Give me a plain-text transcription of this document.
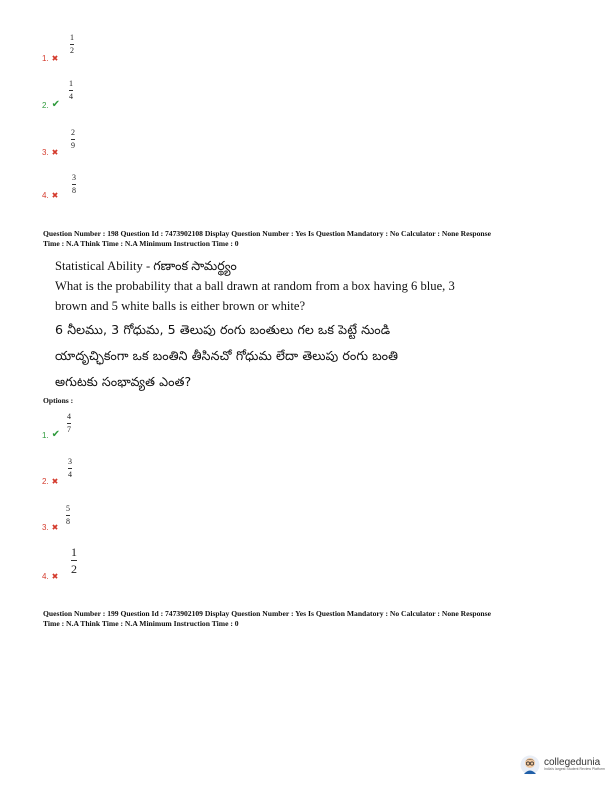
1. ✖
1
2
2. ✔
1
4
3. ✖
2
9
4. ✖
3
8
Question Number : 198 Question Id : 7473902108 Display Question Number : Yes Is Question Mandatory : No Calculator : None Response
Time : N.A Think Time : N.A Minimum Instruction Time : 0
Statistical Ability - గణాంక సామర్థ్యం
What is the probability that a ball drawn at random from a box having 6 blue, 3
brown and 5 white balls is either brown or white?
6 నీలము, 3 గోధుమ, 5 తెలుపు రంగు బంతులు గల ఒక పెట్టే నుండి
యాదృచ్ఛికంగా ఒక బంతిని తీసినచో గోధుమ లేదా తెలుపు రంగు బంతి
అగుటకు సంభావ్యత ఎంత?
Options :
1. ✔
4
7
2. ✖
3
4
3. ✖
5
8
4. ✖
1
2
Question Number : 199 Question Id : 7473902109 Display Question Number : Yes Is Question Mandatory : No Calculator : None Response
Time : N.A Think Time : N.A Minimum Instruction Time : 0
collegedunia
India's largest Student Review Platform
